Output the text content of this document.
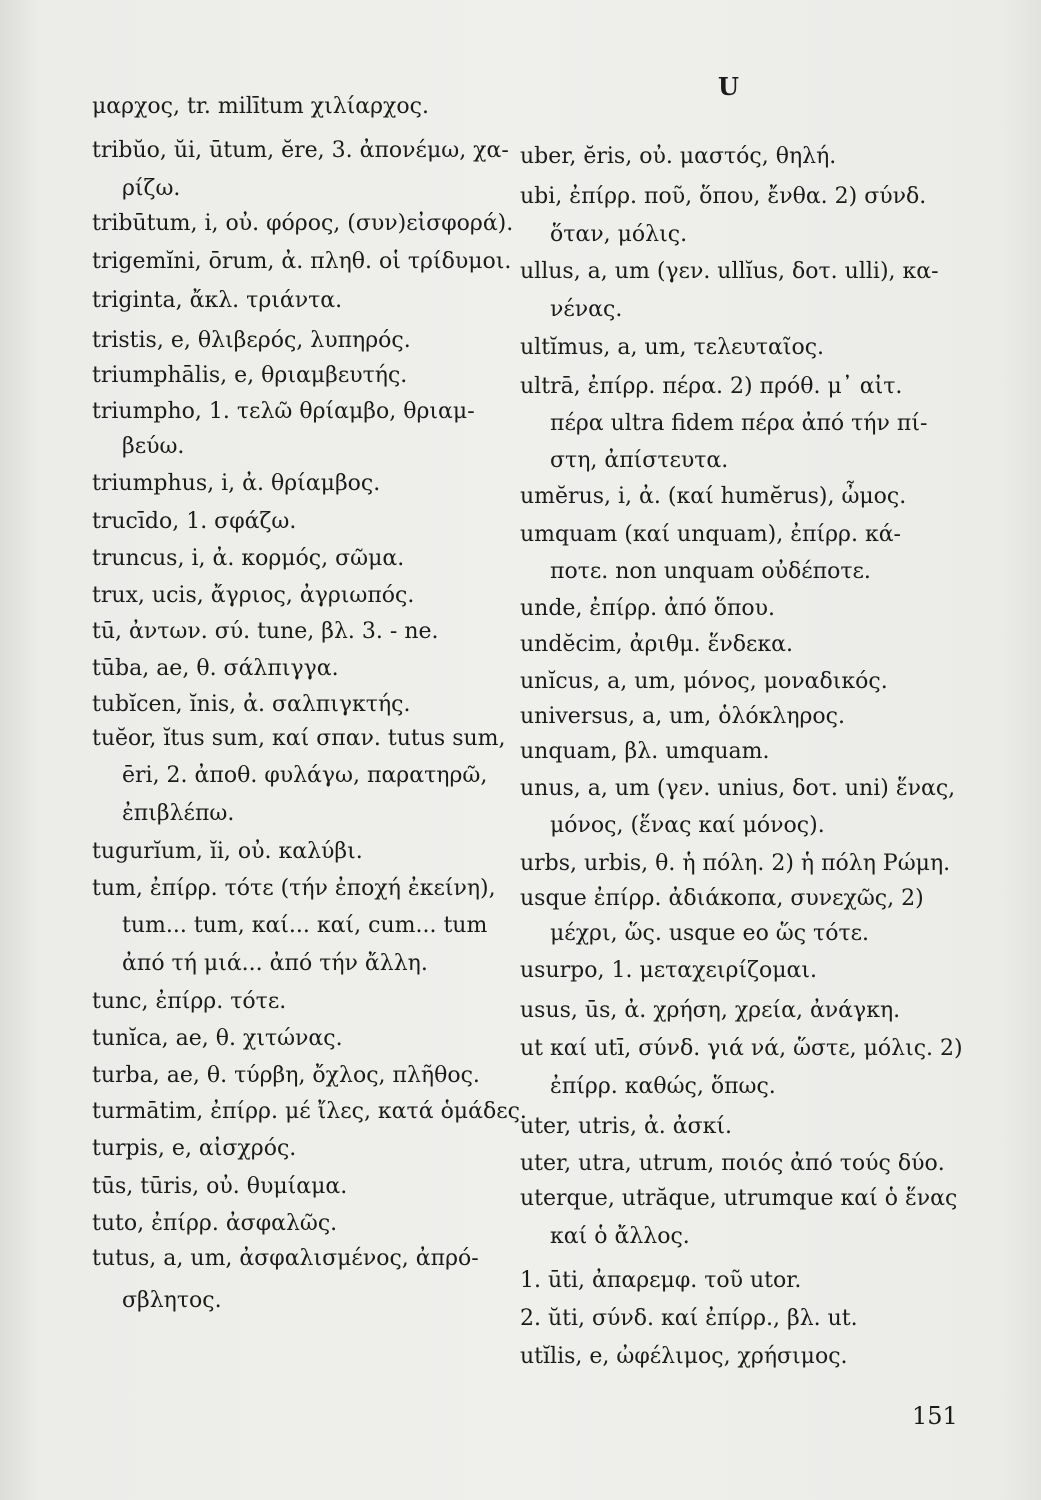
U
μαρχος, tr. milītum χιλίαρχος.
tribŭo, ŭi, ūtum, ĕre, 3. ἀπονέμω, χα-
ρίζω.
tribūtum, i, οὐ. φόρος, (συν)εἰσφορά).
trigemĭni, ōrum, ἀ. πληθ. οἱ τρίδυμοι.
triginta, ἄκλ. τριάντα.
tristis, e, θλιβερός, λυπηρός.
triumphālis, e, θριαμβευτής.
triumpho, 1. τελῶ θρίαμβο, θριαμ-
βεύω.
triumphus, i, ἀ. θρίαμβος.
trucīdo, 1. σφάζω.
truncus, i, ἀ. κορμός, σῶμα.
trux, ucis, ἄγριος, ἀγριωπός.
tū, ἀντων. σύ. tune, βλ. 3. - ne.
tūba, ae, θ. σάλπιγγα.
tubĭcen, ĭnis, ἀ. σαλπιγκτής.
tuĕor, ĭtus sum, καί σπαν. tutus sum,
ēri, 2. ἀποθ. φυλάγω, παρατηρῶ,
ἐπιβλέπω.
tugurĭum, ĭi, οὐ. καλύβι.
tum, ἐπίρρ. τότε (τήν ἐποχή ἐκείνη),
tum... tum, καί... καί, cum... tum
ἀπό τή μιά... ἀπό τήν ἄλλη.
tunc, ἐπίρρ. τότε.
tunĭca, ae, θ. χιτώνας.
turba, ae, θ. τύρβη, ὄχλος, πλῆθος.
turmātim, ἐπίρρ. μέ ἴλες, κατά ὁμάδες.
turpis, e, αἰσχρός.
tūs, tūris, οὐ. θυμίαμα.
tuto, ἐπίρρ. ἀσφαλῶς.
tutus, a, um, ἀσφαλισμένος, ἀπρό-
σβλητος.
uber, ĕris, οὐ. μαστός, θηλή.
ubi, ἐπίρρ. ποῦ, ὅπου, ἔνθα. 2) σύνδ.
ὅταν, μόλις.
ullus, a, um (γεν. ullĭus, δοτ. ulli), κα-
νένας.
ultĭmus, a, um, τελευταῖος.
ultrā, ἐπίρρ. πέρα. 2) πρόθ. μ᾿ αἰτ.
πέρα ultra fidem πέρα ἀπό τήν πί-
στη, ἀπίστευτα.
umĕrus, i, ἀ. (καί humĕrus), ὦμος.
umquam (καί unquam), ἐπίρρ. κά-
ποτε. non unquam οὐδέποτε.
unde, ἐπίρρ. ἀπό ὅπου.
undĕcim, ἀριθμ. ἕνδεκα.
unĭcus, a, um, μόνος, μοναδικός.
universus, a, um, ὁλόκληρος.
unquam, βλ. umquam.
unus, a, um (γεν. unius, δοτ. uni) ἕνας,
μόνος, (ἕνας καί μόνος).
urbs, urbis, θ. ἡ πόλη. 2) ἡ πόλη Ρώμη.
usque ἐπίρρ. ἀδιάκοπα, συνεχῶς, 2)
μέχρι, ὥς. usque eo ὥς τότε.
usurpo, 1. μεταχειρίζομαι.
usus, ūs, ἀ. χρήση, χρεία, ἀνάγκη.
ut καί utī, σύνδ. γιά νά, ὥστε, μόλις. 2)
ἐπίρρ. καθώς, ὅπως.
uter, utris, ἀ. ἀσκί.
uter, utra, utrum, ποιός ἀπό τούς δύο.
uterque, utrăque, utrumque καί ὁ ἕνας
καί ὁ ἄλλος.
1. ūti, ἀπαρεμφ. τοῦ utor.
2. ŭti, σύνδ. καί ἐπίρρ., βλ. ut.
utĭlis, e, ὠφέλιμος, χρήσιμος.
151
